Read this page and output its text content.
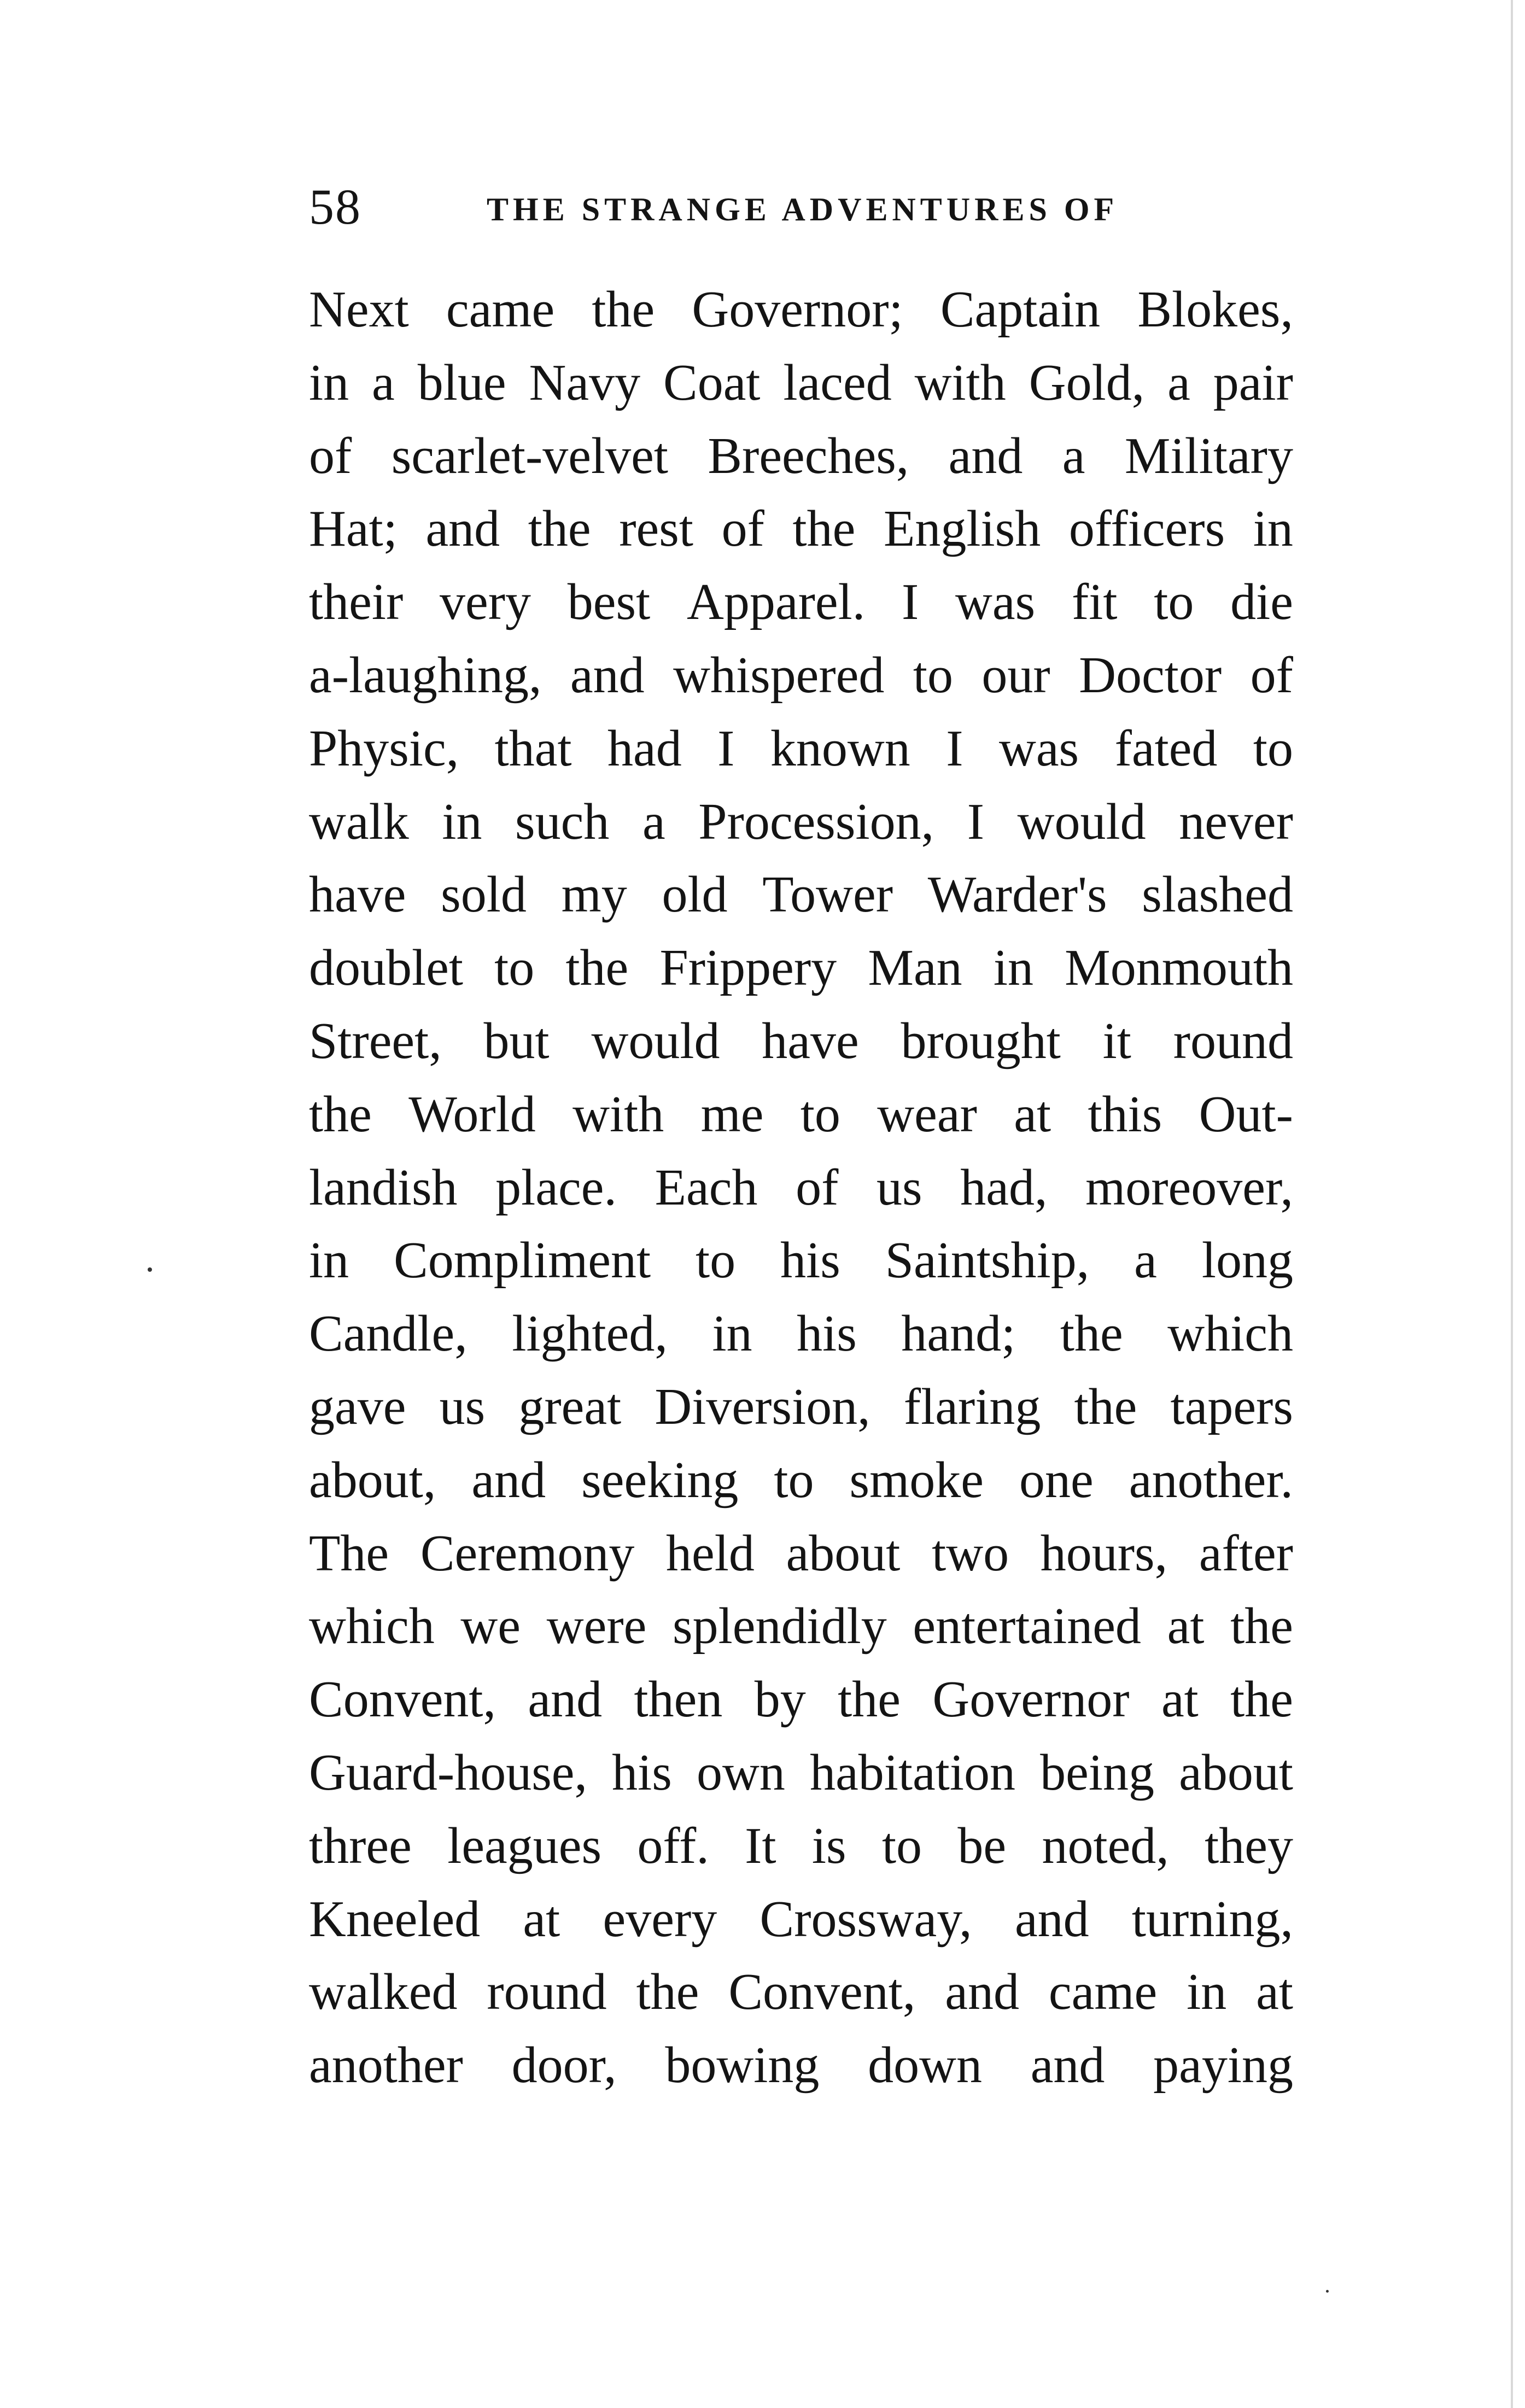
58	THE STRANGE ADVENTURES OF
Next came the Governor; Captain Blokes,
in a blue Navy Coat laced with Gold, a pair
of scarlet-velvet Breeches, and a Military
Hat; and the rest of the English officers in
their very best Apparel. I was fit to die
a-laughing, and whispered to our Doctor of
Physic, that had I known I was fated to
walk in such a Procession, I would never
have sold my old Tower Warder's slashed
doublet to the Frippery Man in Monmouth
Street, but would have brought it round
the World with me to wear at this Out-
landish place. Each of us had, moreover,
in Compliment to his Saintship, a long
Candle, lighted, in his hand; the which
gave us great Diversion, flaring the tapers
about, and seeking to smoke one another.
The Ceremony held about two hours, after
which we were splendidly entertained at the
Convent, and then by the Governor at the
Guard-house, his own habitation being about
three leagues off. It is to be noted, they
Kneeled at every Crossway, and turning,
walked round the Convent, and came in at
another door, bowing down and paying
